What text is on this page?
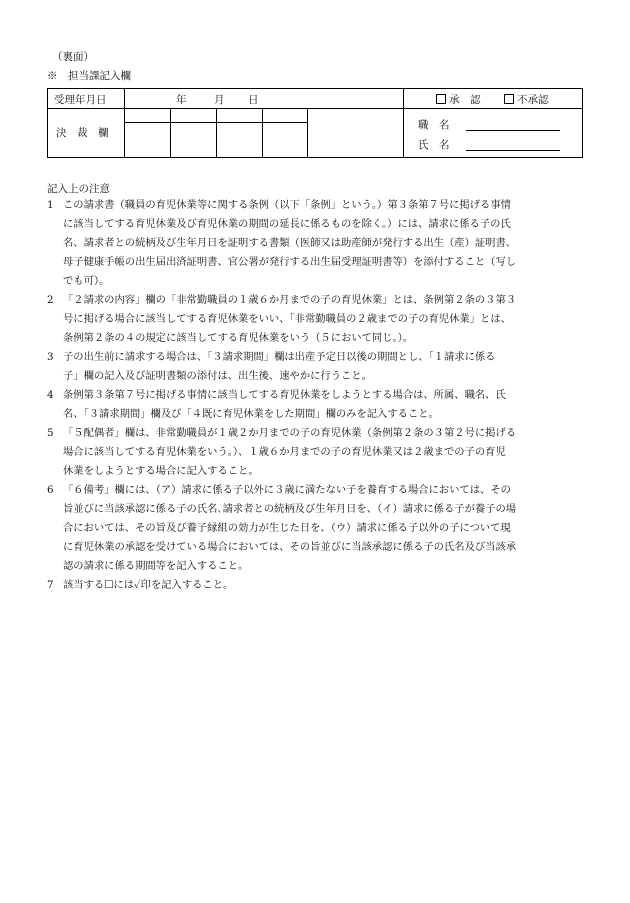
（裏面）
※　担当課記入欄
受理年月日	年	月 日	承　認	不承認
決　裁　欄
職　名
氏　名
記入上の注意
1 この請求書（職員の育児休業等に関する条例（以下「条例」という。）第３条第７号に掲げる事情
に該当してする育児休業及び育児休業の期間の延長に係るものを除く。）には、請求に係る子の氏
名、請求者との続柄及び生年月日を証明する書類（医師又は助産師が発行する出生（産）証明書、
母子健康手帳の出生届出済証明書、官公署が発行する出生届受理証明書等）を添付すること（写し
でも可）。
2 「２請求の内容」欄の「非常勤職員の１歳６か月までの子の育児休業」とは、条例第２条の３第３
号に掲げる場合に該当してする育児休業をいい、「非常勤職員の２歳までの子の育児休業」とは、
条例第２条の４の規定に該当してする育児休業をいう（５において同じ。）。
3 子の出生前に請求する場合は、「３請求期間」欄は出産予定日以後の期間とし、「１請求に係る
子」欄の記入及び証明書類の添付は、出生後、速やかに行うこと。
4 条例第３条第７号に掲げる事情に該当してする育児休業をしようとする場合は、所属、職名、氏
名、「３請求期間」欄及び「４既に育児休業をした期間」欄のみを記入すること。
5 「５配偶者」欄は、非常勤職員が１歳２か月までの子の育児休業（条例第２条の３第２号に掲げる
場合に該当してする育児休業をいう。）、１歳６か月までの子の育児休業又は２歳までの子の育児
休業をしようとする場合に記入すること。
6 「６備考」欄には、（ア）請求に係る子以外に３歳に満たない子を養育する場合においては、その
旨並びに当該承認に係る子の氏名､請求者との続柄及び生年月日を、（イ）請求に係る子が養子の場
合においては、その旨及び養子縁組の効力が生じた日を、（ウ）請求に係る子以外の子について現
に育児休業の承認を受けている場合においては、その旨並びに当該承認に係る子の氏名及び当該承
認の請求に係る期間等を記入すること。
7 該当する☐には✓印を記入すること。
